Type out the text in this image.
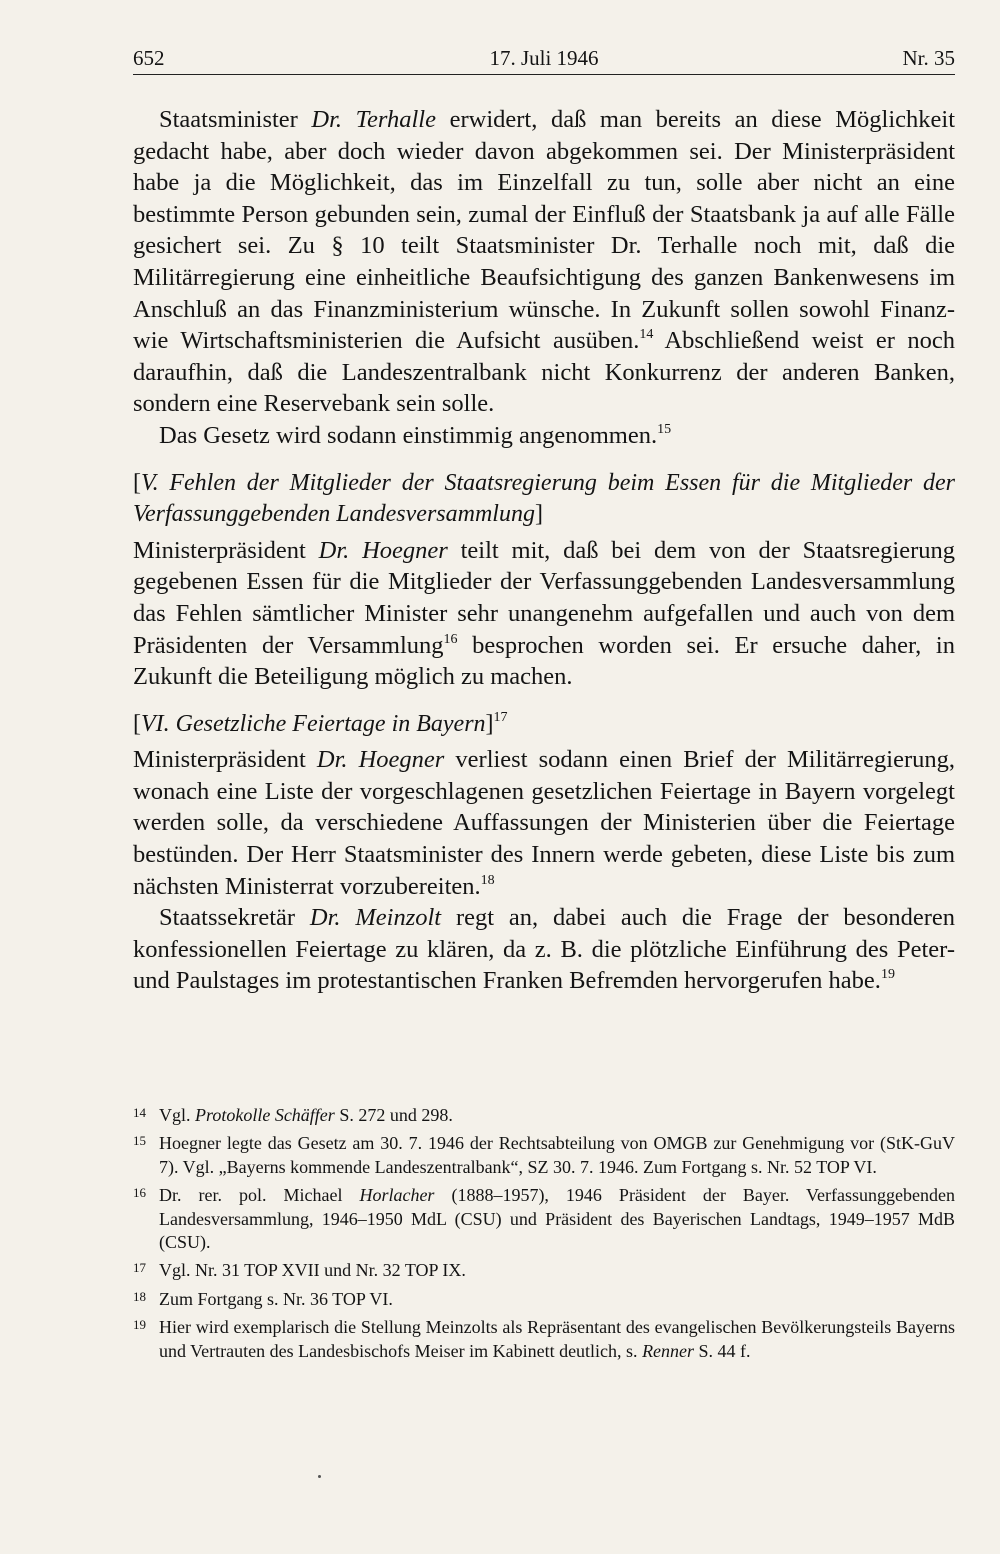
652	17. Juli 1946	Nr. 35

Staatsminister Dr. Terhalle erwidert, daß man bereits an diese Möglichkeit gedacht habe, aber doch wieder davon abgekommen sei. Der Ministerpräsident habe ja die Möglichkeit, das im Einzelfall zu tun, solle aber nicht an eine bestimmte Person gebunden sein, zumal der Einfluß der Staatsbank ja auf alle Fälle gesichert sei. Zu § 10 teilt Staatsminister Dr. Terhalle noch mit, daß die Militärregierung eine einheitliche Beaufsichtigung des ganzen Bankenwesens im Anschluß an das Finanzministerium wünsche. In Zukunft sollen sowohl Finanz- wie Wirtschaftsministerien die Aufsicht ausüben.$^{14}$ Abschließend weist er noch daraufhin, daß die Landeszentralbank nicht Konkurrenz der anderen Banken, sondern eine Reservebank sein solle.

Das Gesetz wird sodann einstimmig angenommen.$^{15}$

[V. Fehlen der Mitglieder der Staatsregierung beim Essen für die Mitglieder der Verfassunggebenden Landesversammlung]

Ministerpräsident Dr. Hoegner teilt mit, daß bei dem von der Staatsregierung gegebenen Essen für die Mitglieder der Verfassunggebenden Landesversammlung das Fehlen sämtlicher Minister sehr unangenehm aufgefallen und auch von dem Präsidenten der Versammlung$^{16}$ besprochen worden sei. Er ersuche daher, in Zukunft die Beteiligung möglich zu machen.

[VI. Gesetzliche Feiertage in Bayern]$^{17}$

Ministerpräsident Dr. Hoegner verliest sodann einen Brief der Militärregierung, wonach eine Liste der vorgeschlagenen gesetzlichen Feiertage in Bayern vorgelegt werden solle, da verschiedene Auffassungen der Ministerien über die Feiertage bestünden. Der Herr Staatsminister des Innern werde gebeten, diese Liste bis zum nächsten Ministerrat vorzubereiten.$^{18}$

Staatssekretär Dr. Meinzolt regt an, dabei auch die Frage der besonderen konfessionellen Feiertage zu klären, da z. B. die plötzliche Einführung des Peter- und Paulstages im protestantischen Franken Befremden hervorgerufen habe.$^{19}$

14 Vgl. Protokolle Schäffer S. 272 und 298.
15 Hoegner legte das Gesetz am 30. 7. 1946 der Rechtsabteilung von OMGB zur Genehmigung vor (StK-GuV 7). Vgl. „Bayerns kommende Landeszentralbank“, SZ 30. 7. 1946. Zum Fortgang s. Nr. 52 TOP VI.
16 Dr. rer. pol. Michael Horlacher (1888–1957), 1946 Präsident der Bayer. Verfassunggebenden Landesversammlung, 1946–1950 MdL (CSU) und Präsident des Bayerischen Landtags, 1949–1957 MdB (CSU).
17 Vgl. Nr. 31 TOP XVII und Nr. 32 TOP IX.
18 Zum Fortgang s. Nr. 36 TOP VI.
19 Hier wird exemplarisch die Stellung Meinzolts als Repräsentant des evangelischen Bevölkerungsteils Bayerns und Vertrauten des Landesbischofs Meiser im Kabinett deutlich, s. Renner S. 44 f.
